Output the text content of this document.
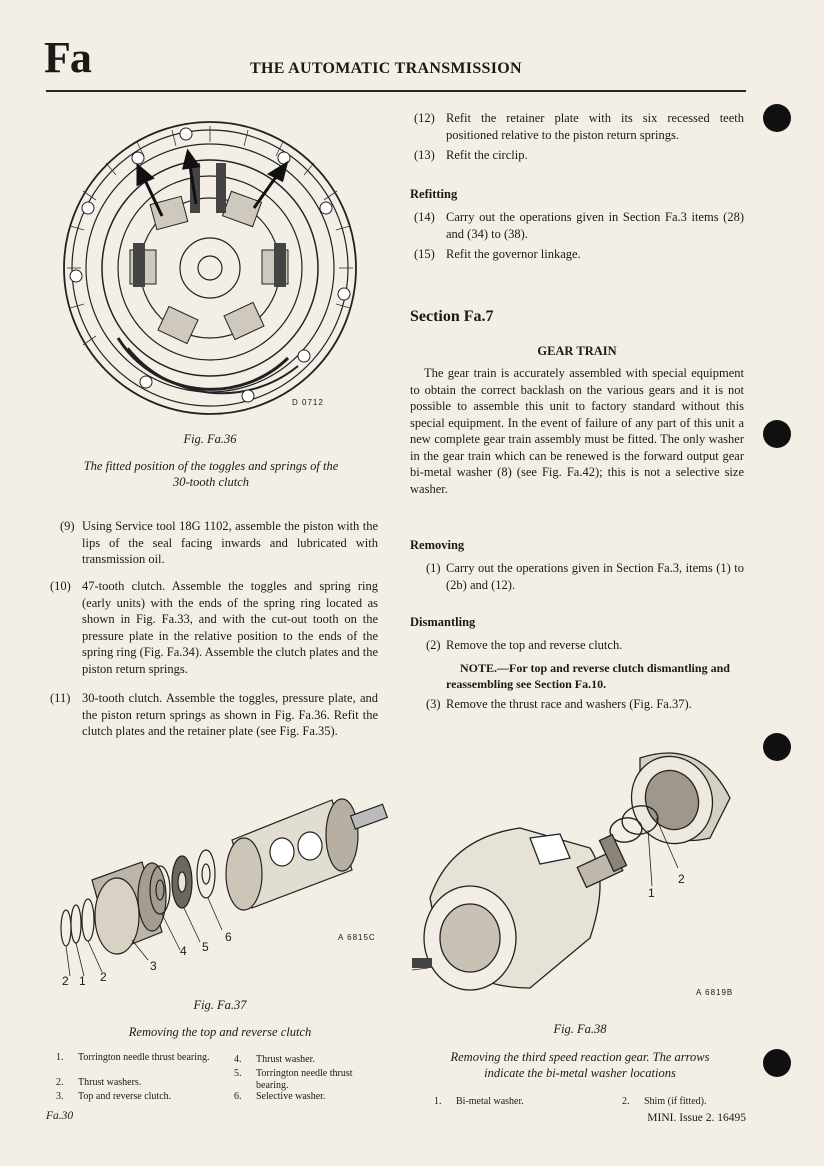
Fa	THE AUTOMATIC TRANSMISSION
D 0712
Fig. Fa.36
The fitted position of the toggles and springs of the
30-tooth clutch
(9) Using Service tool 18G 1102, assemble the piston with the lips of the seal facing inwards and lubricated with transmission oil.
(10) 47-tooth clutch. Assemble the toggles and spring ring (early units) with the ends of the spring ring located as shown in Fig. Fa.33, and with the cut-out tooth on the pressure plate in the relative position to the ends of the spring ring (Fig. Fa.34). Assemble the clutch plates and the piston return springs.
(11) 30-tooth clutch. Assemble the toggles, pressure plate, and the piston return springs as shown in Fig. Fa.36. Refit the clutch plates and the retainer plate (see Fig. Fa.35).
(12) Refit the retainer plate with its six recessed teeth positioned relative to the piston return springs.
(13) Refit the circlip.
Refitting
(14) Carry out the operations given in Section Fa.3 items (28) and (34) to (38).
(15) Refit the governor linkage.
Section Fa.7
GEAR TRAIN
The gear train is accurately assembled with special equipment to obtain the correct backlash on the various gears and it is not possible to assemble this unit to factory standard without this special equipment. In the event of failure of any part of this unit a new complete gear train assembly must be fitted. The only washer in the gear train which can be renewed is the forward output gear bi-metal washer (8) (see Fig. Fa.42); this is not a selective size washer.
Removing
(1) Carry out the operations given in Section Fa.3, items (1) to (2b) and (12).
Dismantling
(2) Remove the top and reverse clutch.
NOTE.—For top and reverse clutch dismantling and reassembling see Section Fa.10.
(3) Remove the thrust race and washers (Fig. Fa.37).
2 1 2
3
4 5
6	A 6815C
Fig. Fa.37
Removing the top and reverse clutch
1. Torrington needle thrust bearing.
2. Thrust washers.
3. Top and reverse clutch.
4. Thrust washer.
5. Torrington needle thrust bearing.
6. Selective washer.
1
2
A 6819B
Fig. Fa.38
Removing the third speed reaction gear. The arrows
indicate the bi-metal washer locations
1. Bi-metal washer.	2. Shim (if fitted).
Fa.30	MINI. Issue 2. 16495
